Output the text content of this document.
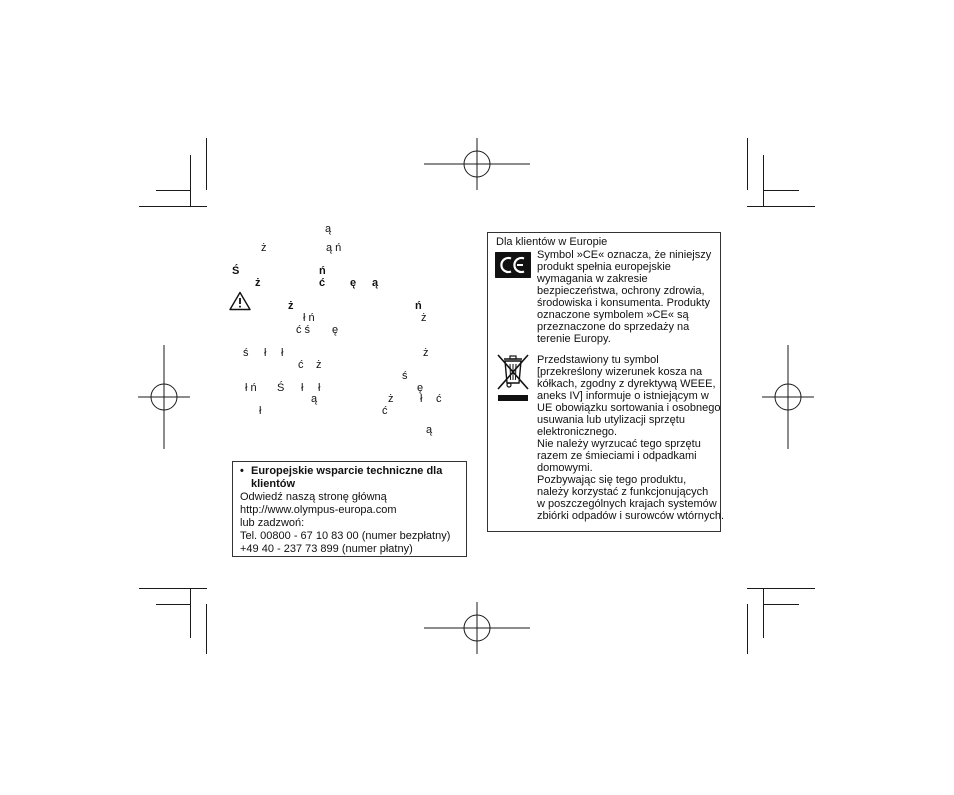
ą
ż	ą ń
Ś	ń
ż	ć ę ą
ż	ń
ł ń	ż
ć ś ę
ś ł ł	ż
ć ż
ś
ł ń Ś ł ł	ę
ą	ż ł ć
ł	ć
ą
• Europejskie wsparcie techniczne dla
klientów
Odwiedź naszą stronę główną
http://www.olympus-europa.com
lub zadzwoń:
Tel. 00800 - 67 10 83 00 (numer bezpłatny)
+49 40 - 237 73 899 (numer płatny)
Dla klientów w Europie
Symbol »CE« oznacza, że niniejszy
produkt spełnia europejskie
wymagania w zakresie
bezpieczeństwa, ochrony zdrowia,
środowiska i konsumenta. Produkty
oznaczone symbolem »CE« są
przeznaczone do sprzedaży na
terenie Europy.
Przedstawiony tu symbol
[przekreślony wizerunek kosza na
kółkach, zgodny z dyrektywą WEEE,
aneks IV] informuje o istniejącym w
UE obowiązku sortowania i osobnego
usuwania lub utylizacji sprzętu
elektronicznego.
Nie należy wyrzucać tego sprzętu
razem ze śmieciami i odpadkami
domowymi.
Pozbywając się tego produktu,
należy korzystać z funkcjonujących
w poszczególnych krajach systemów
zbiórki odpadów i surowców wtórnych.
